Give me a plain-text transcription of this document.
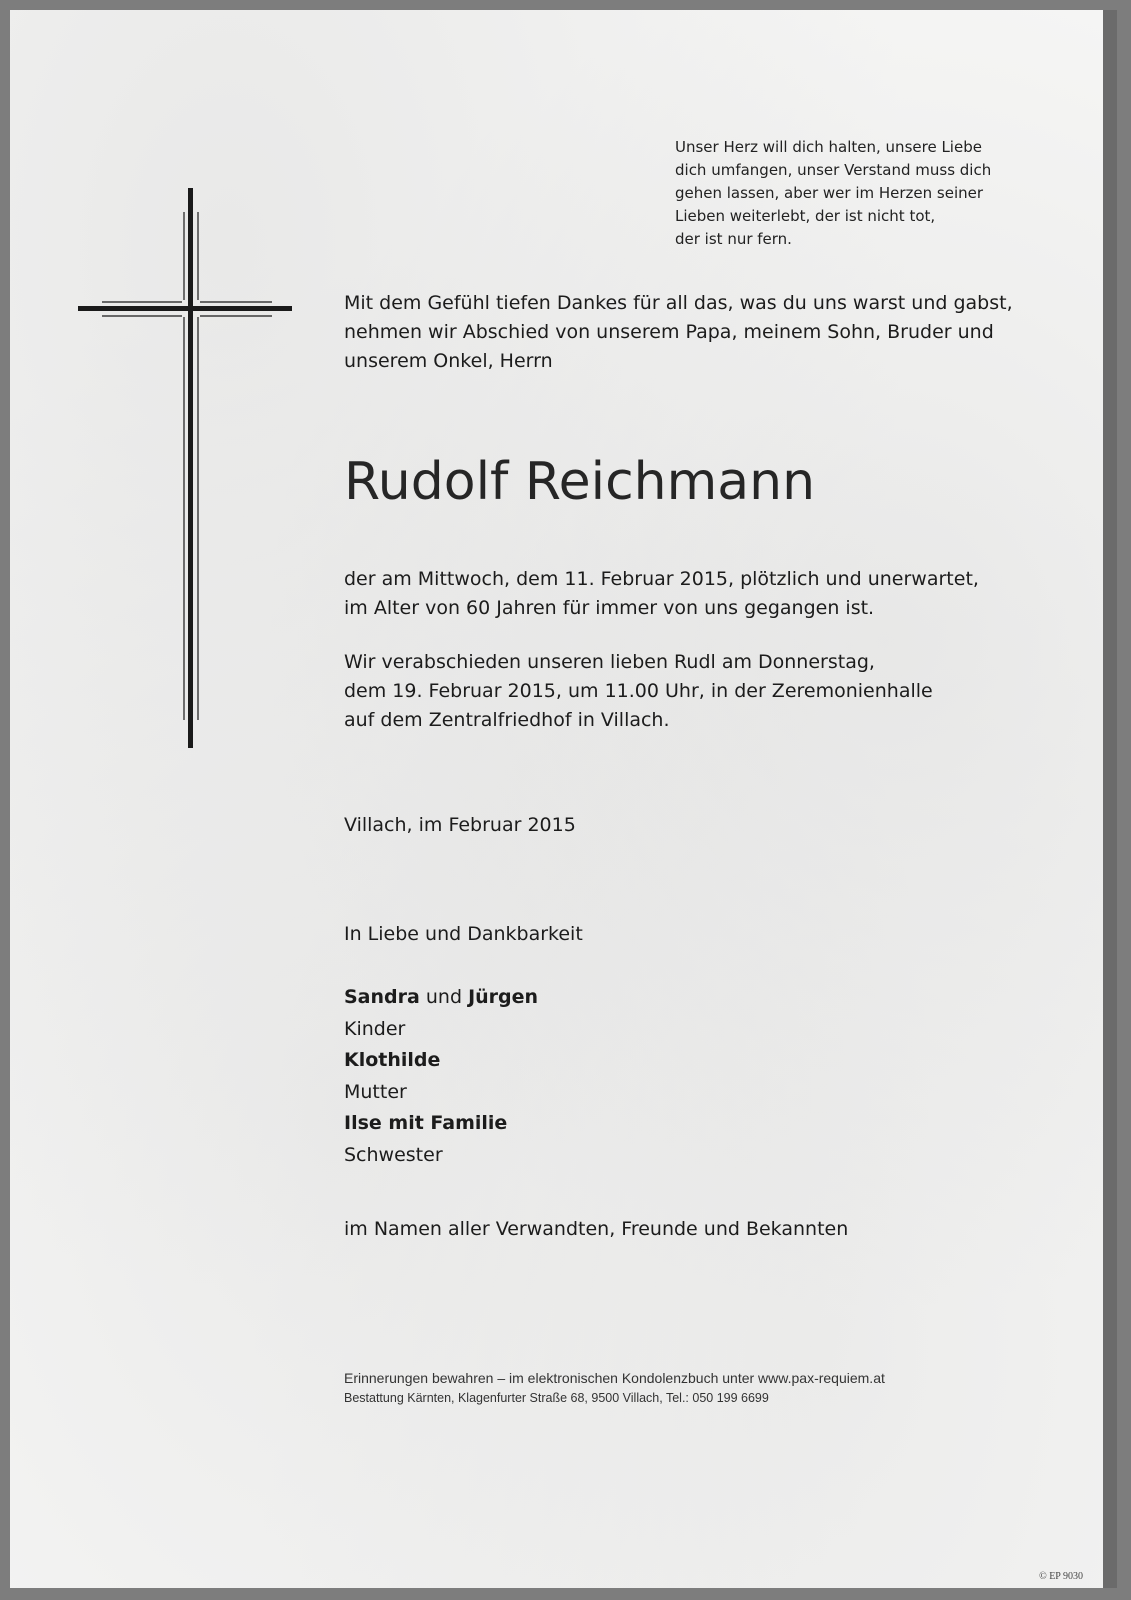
Unser Herz will dich halten, unsere Liebe
dich umfangen, unser Verstand muss dich
gehen lassen, aber wer im Herzen seiner
Lieben weiterlebt, der ist nicht tot,
der ist nur fern.
Mit dem Gefühl tiefen Dankes für all das, was du uns warst und gabst,
nehmen wir Abschied von unserem Papa, meinem Sohn, Bruder und
unserem Onkel, Herrn
Rudolf Reichmann
der am Mittwoch, dem 11. Februar 2015, plötzlich und unerwartet,
im Alter von 60 Jahren für immer von uns gegangen ist.
Wir verabschieden unseren lieben Rudl am Donnerstag,
dem 19. Februar 2015, um 11.00 Uhr, in der Zeremonienhalle
auf dem Zentralfriedhof in Villach.
Villach, im Februar 2015
In Liebe und Dankbarkeit
Sandra und Jürgen
Kinder
Klothilde
Mutter
Ilse mit Familie
Schwester
im Namen aller Verwandten, Freunde und Bekannten
Erinnerungen bewahren – im elektronischen Kondolenzbuch unter www.pax-requiem.at
Bestattung Kärnten, Klagenfurter Straße 68, 9500 Villach, Tel.: 050 199 6699
© EP 9030
